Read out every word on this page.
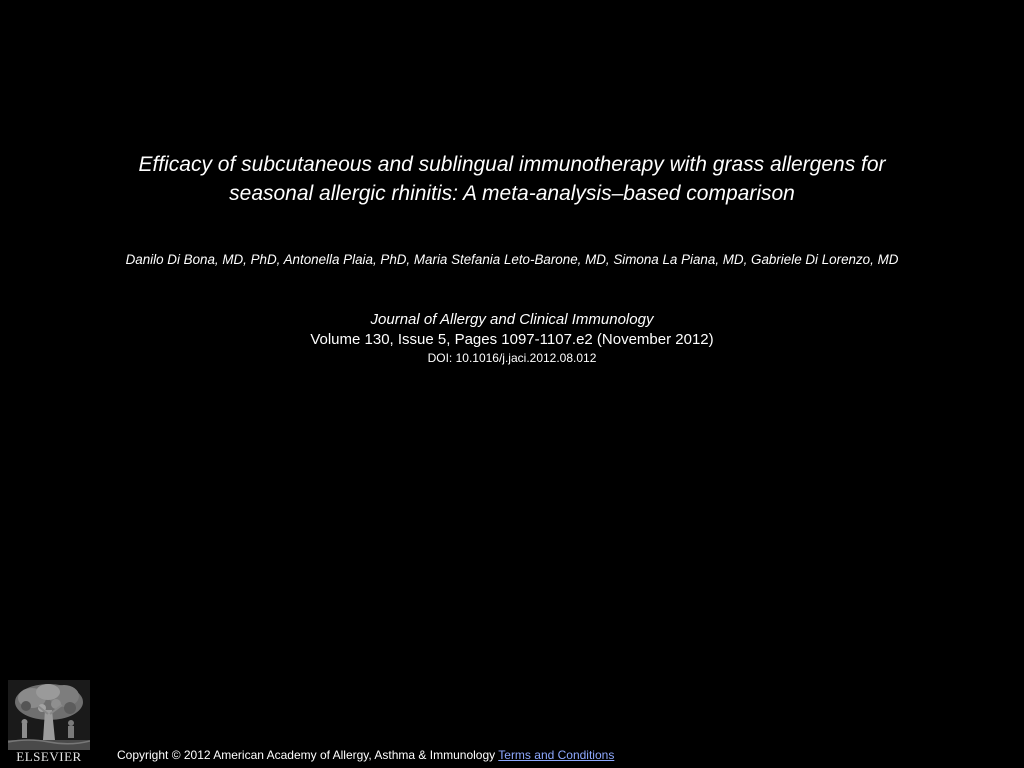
Efficacy of subcutaneous and sublingual immunotherapy with grass allergens for
seasonal allergic rhinitis: A meta-analysis–based comparison
Danilo Di Bona, MD, PhD, Antonella Plaia, PhD, Maria Stefania Leto-Barone, MD, Simona La Piana, MD, Gabriele Di Lorenzo, MD
Journal of Allergy and Clinical Immunology
Volume 130, Issue 5, Pages 1097-1107.e2 (November 2012)
DOI: 10.1016/j.jaci.2012.08.012
ELSEVIER	Copyright © 2012 American Academy of Allergy, Asthma & Immunology Terms and Conditions
